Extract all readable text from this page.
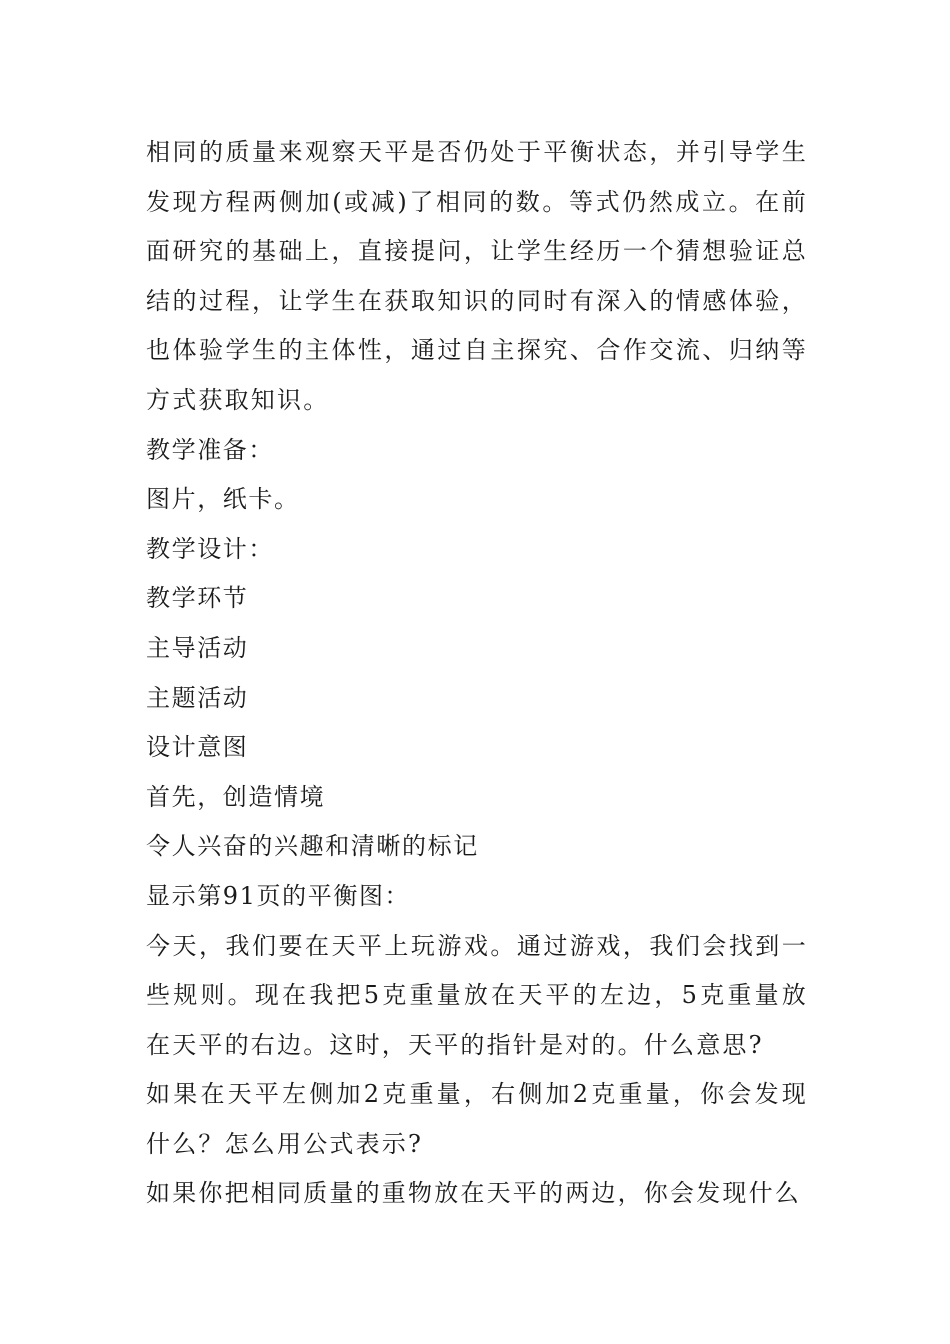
相同的质量来观察天平是否仍处于平衡状态，并引导学生发现方程两侧加(或减)了相同的数。等式仍然成立。在前面研究的基础上，直接提问，让学生经历一个猜想验证总结的过程，让学生在获取知识的同时有深入的情感体验，也体验学生的主体性，通过自主探究、合作交流、归纳等方式获取知识。

教学准备：

图片，纸卡。

教学设计：

教学环节

主导活动

主题活动

设计意图

首先，创造情境

令人兴奋的兴趣和清晰的标记

显示第91页的平衡图：

今天，我们要在天平上玩游戏。通过游戏，我们会找到一些规则。现在我把5克重量放在天平的左边，5克重量放在天平的右边。这时，天平的指针是对的。什么意思?

如果在天平左侧加2克重量，右侧加2克重量，你会发现什么？怎么用公式表示?

如果你把相同质量的重物放在天平的两边，你会发现什么
